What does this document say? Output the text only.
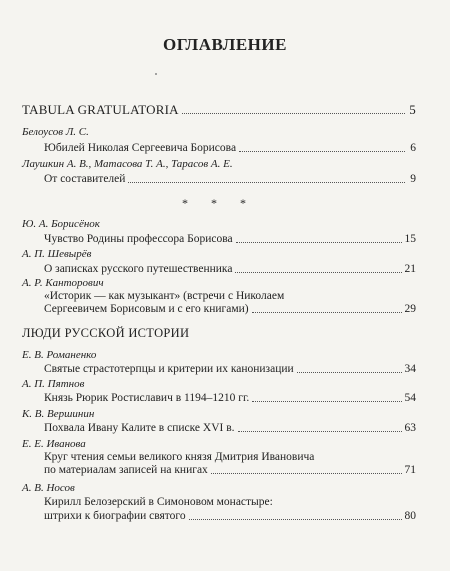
ОГЛАВЛЕНИЕ
TABULA GRATULATORIA	5
Белоусов Л. С.
Юбилей Николая Сергеевича Борисова	6
Лаушкин А. В., Матасова Т. А., Тарасов А. Е.
От составителей	9
* * *
Ю. А. Борисёнок
Чувство Родины профессора Борисова	15
А. П. Шевырёв
О записках русского путешественника	21
А. Р. Канторович
«Историк — как музыкант» (встречи с Николаем
Сергеевичем Борисовым и с его книгами)	29
ЛЮДИ РУССКОЙ ИСТОРИИ
Е. В. Романенко
Святые страстотерпцы и критерии их канонизации	34
А. П. Пятнов
Князь Рюрик Ростиславич в 1194–1210 гг.	54
К. В. Вершинин
Похвала Ивану Калите в списке XVI в.	63
Е. Е. Иванова
Круг чтения семьи великого князя Дмитрия Ивановича
по материалам записей на книгах	71
А. В. Носов
Кирилл Белозерский в Симоновом монастыре:
штрихи к биографии святого	80
